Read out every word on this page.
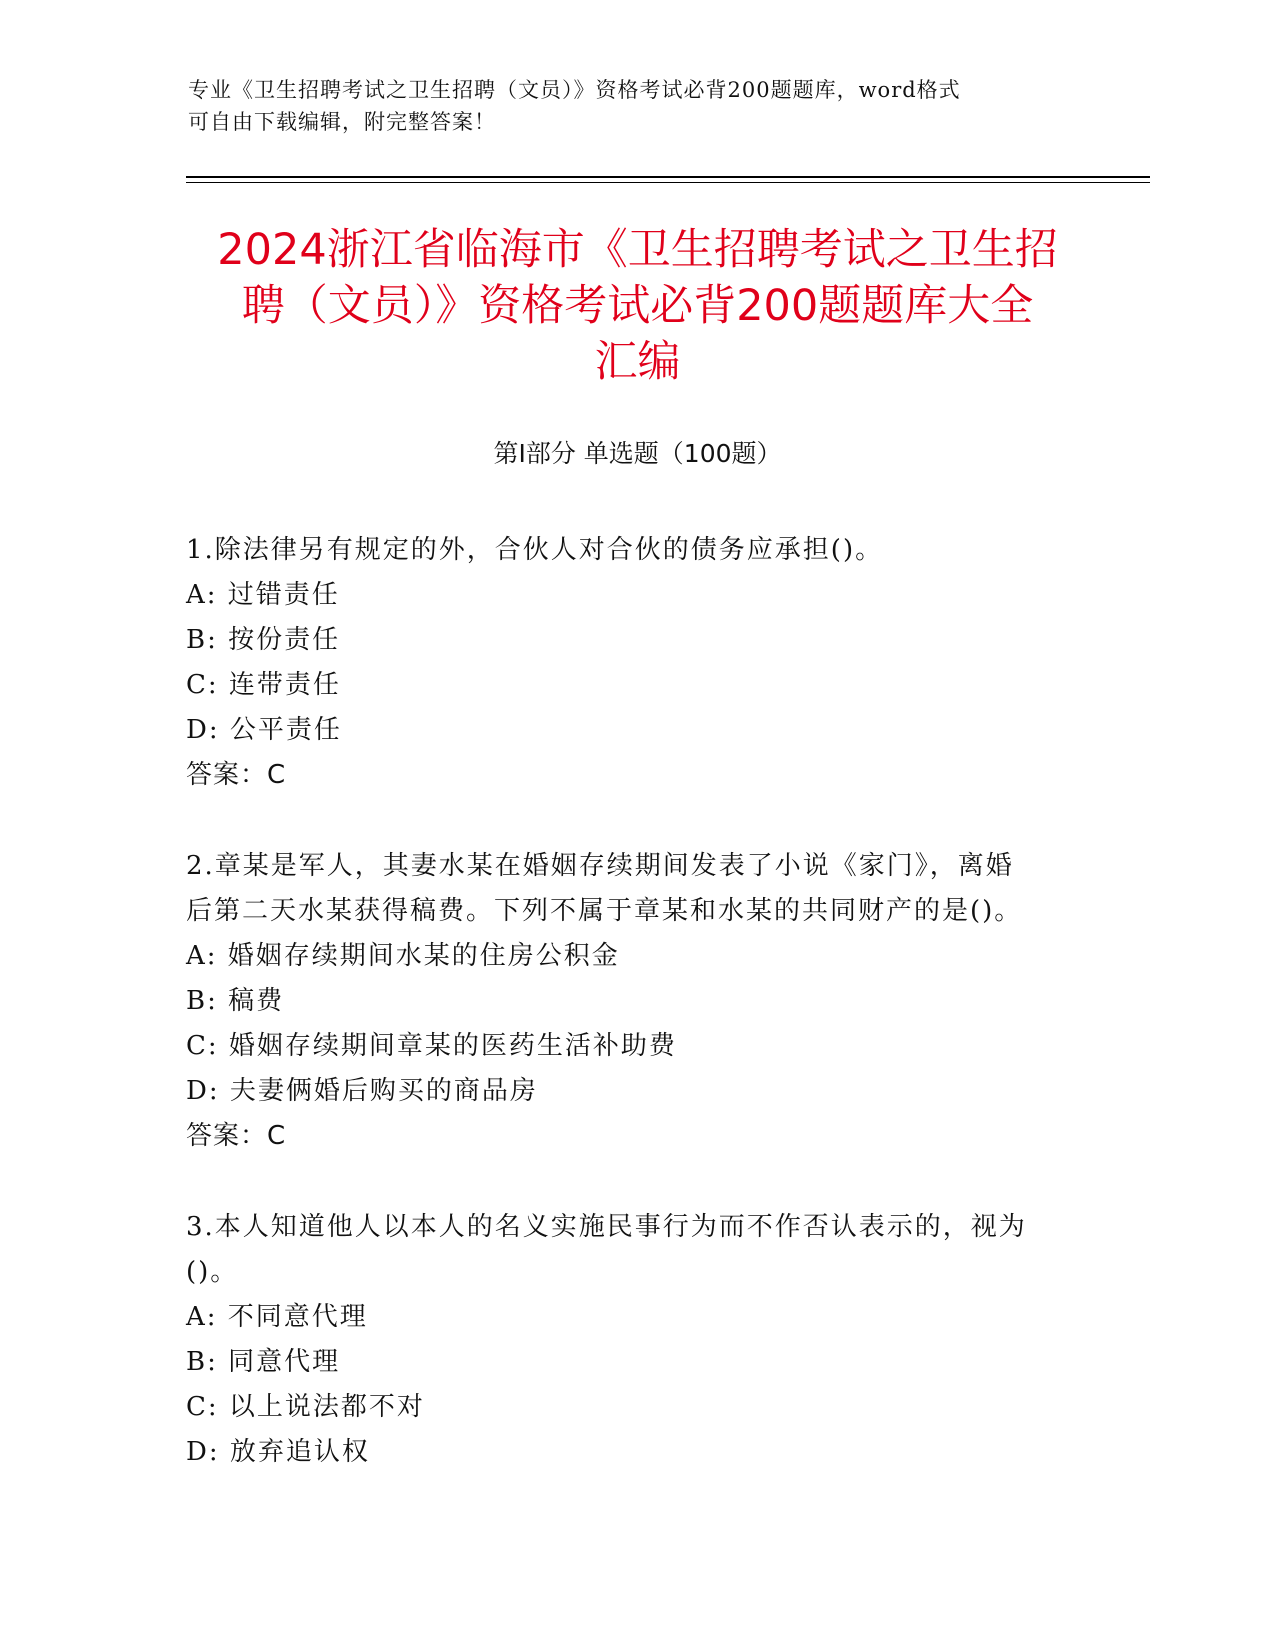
专业《卫生招聘考试之卫生招聘（文员）》资格考试必背200题题库，word格式
可自由下载编辑，附完整答案！
2024浙江省临海市《卫生招聘考试之卫生招
聘（文员）》资格考试必背200题题库大全
汇编
第Ⅰ部分 单选题（100题）
1.除法律另有规定的外，合伙人对合伙的债务应承担()。
A: 过错责任
B: 按份责任
C: 连带责任
D: 公平责任
答案：C
2.章某是军人，其妻水某在婚姻存续期间发表了小说《家门》，离婚
后第二天水某获得稿费。下列不属于章某和水某的共同财产的是()。
A: 婚姻存续期间水某的住房公积金
B: 稿费
C: 婚姻存续期间章某的医药生活补助费
D: 夫妻俩婚后购买的商品房
答案：C
3.本人知道他人以本人的名义实施民事行为而不作否认表示的，视为
()。
A: 不同意代理
B: 同意代理
C: 以上说法都不对
D: 放弃追认权
